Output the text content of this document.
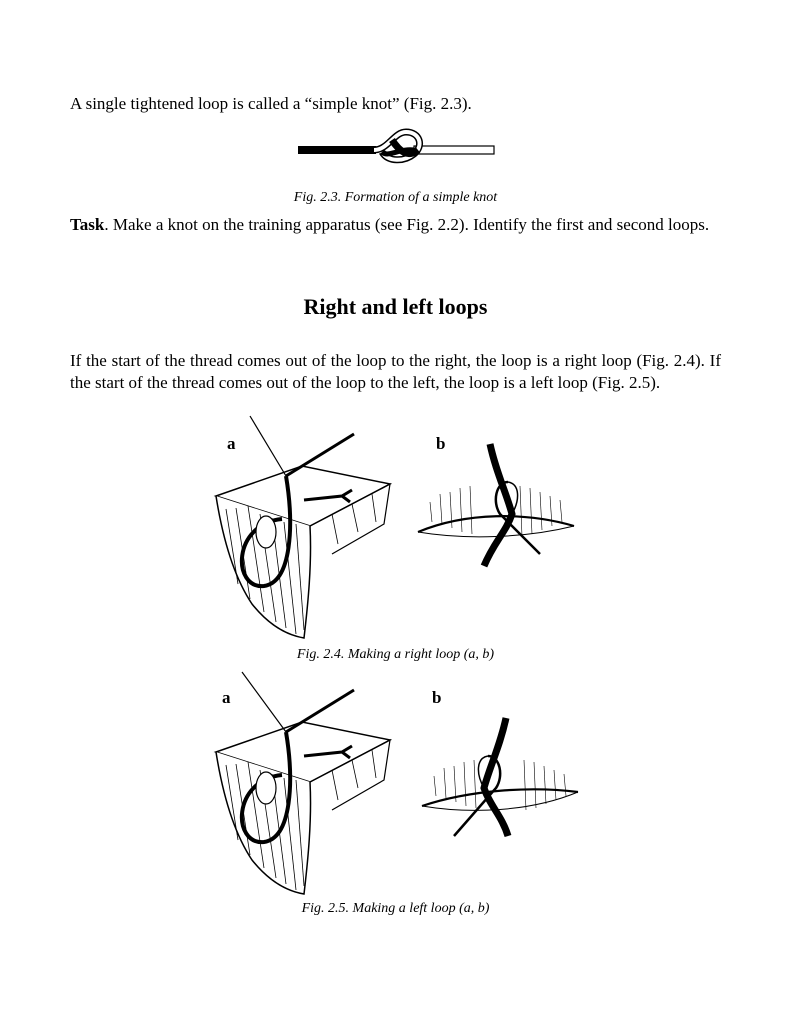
A single tightened loop is called a “simple knot” (Fig. 2.3).

Fig. 2.3. Formation of a simple knot

Task. Make a knot on the training apparatus (see Fig. 2.2). Identify the first and second loops.

Right and left loops

If the start of the thread comes out of the loop to the right, the loop is a right loop (Fig. 2.4). If the start of the thread comes out of the loop to the left, the loop is a left loop (Fig. 2.5).

a	b

Fig. 2.4. Making a right loop (a, b)

a	b

Fig. 2.5. Making a left loop (a, b)
